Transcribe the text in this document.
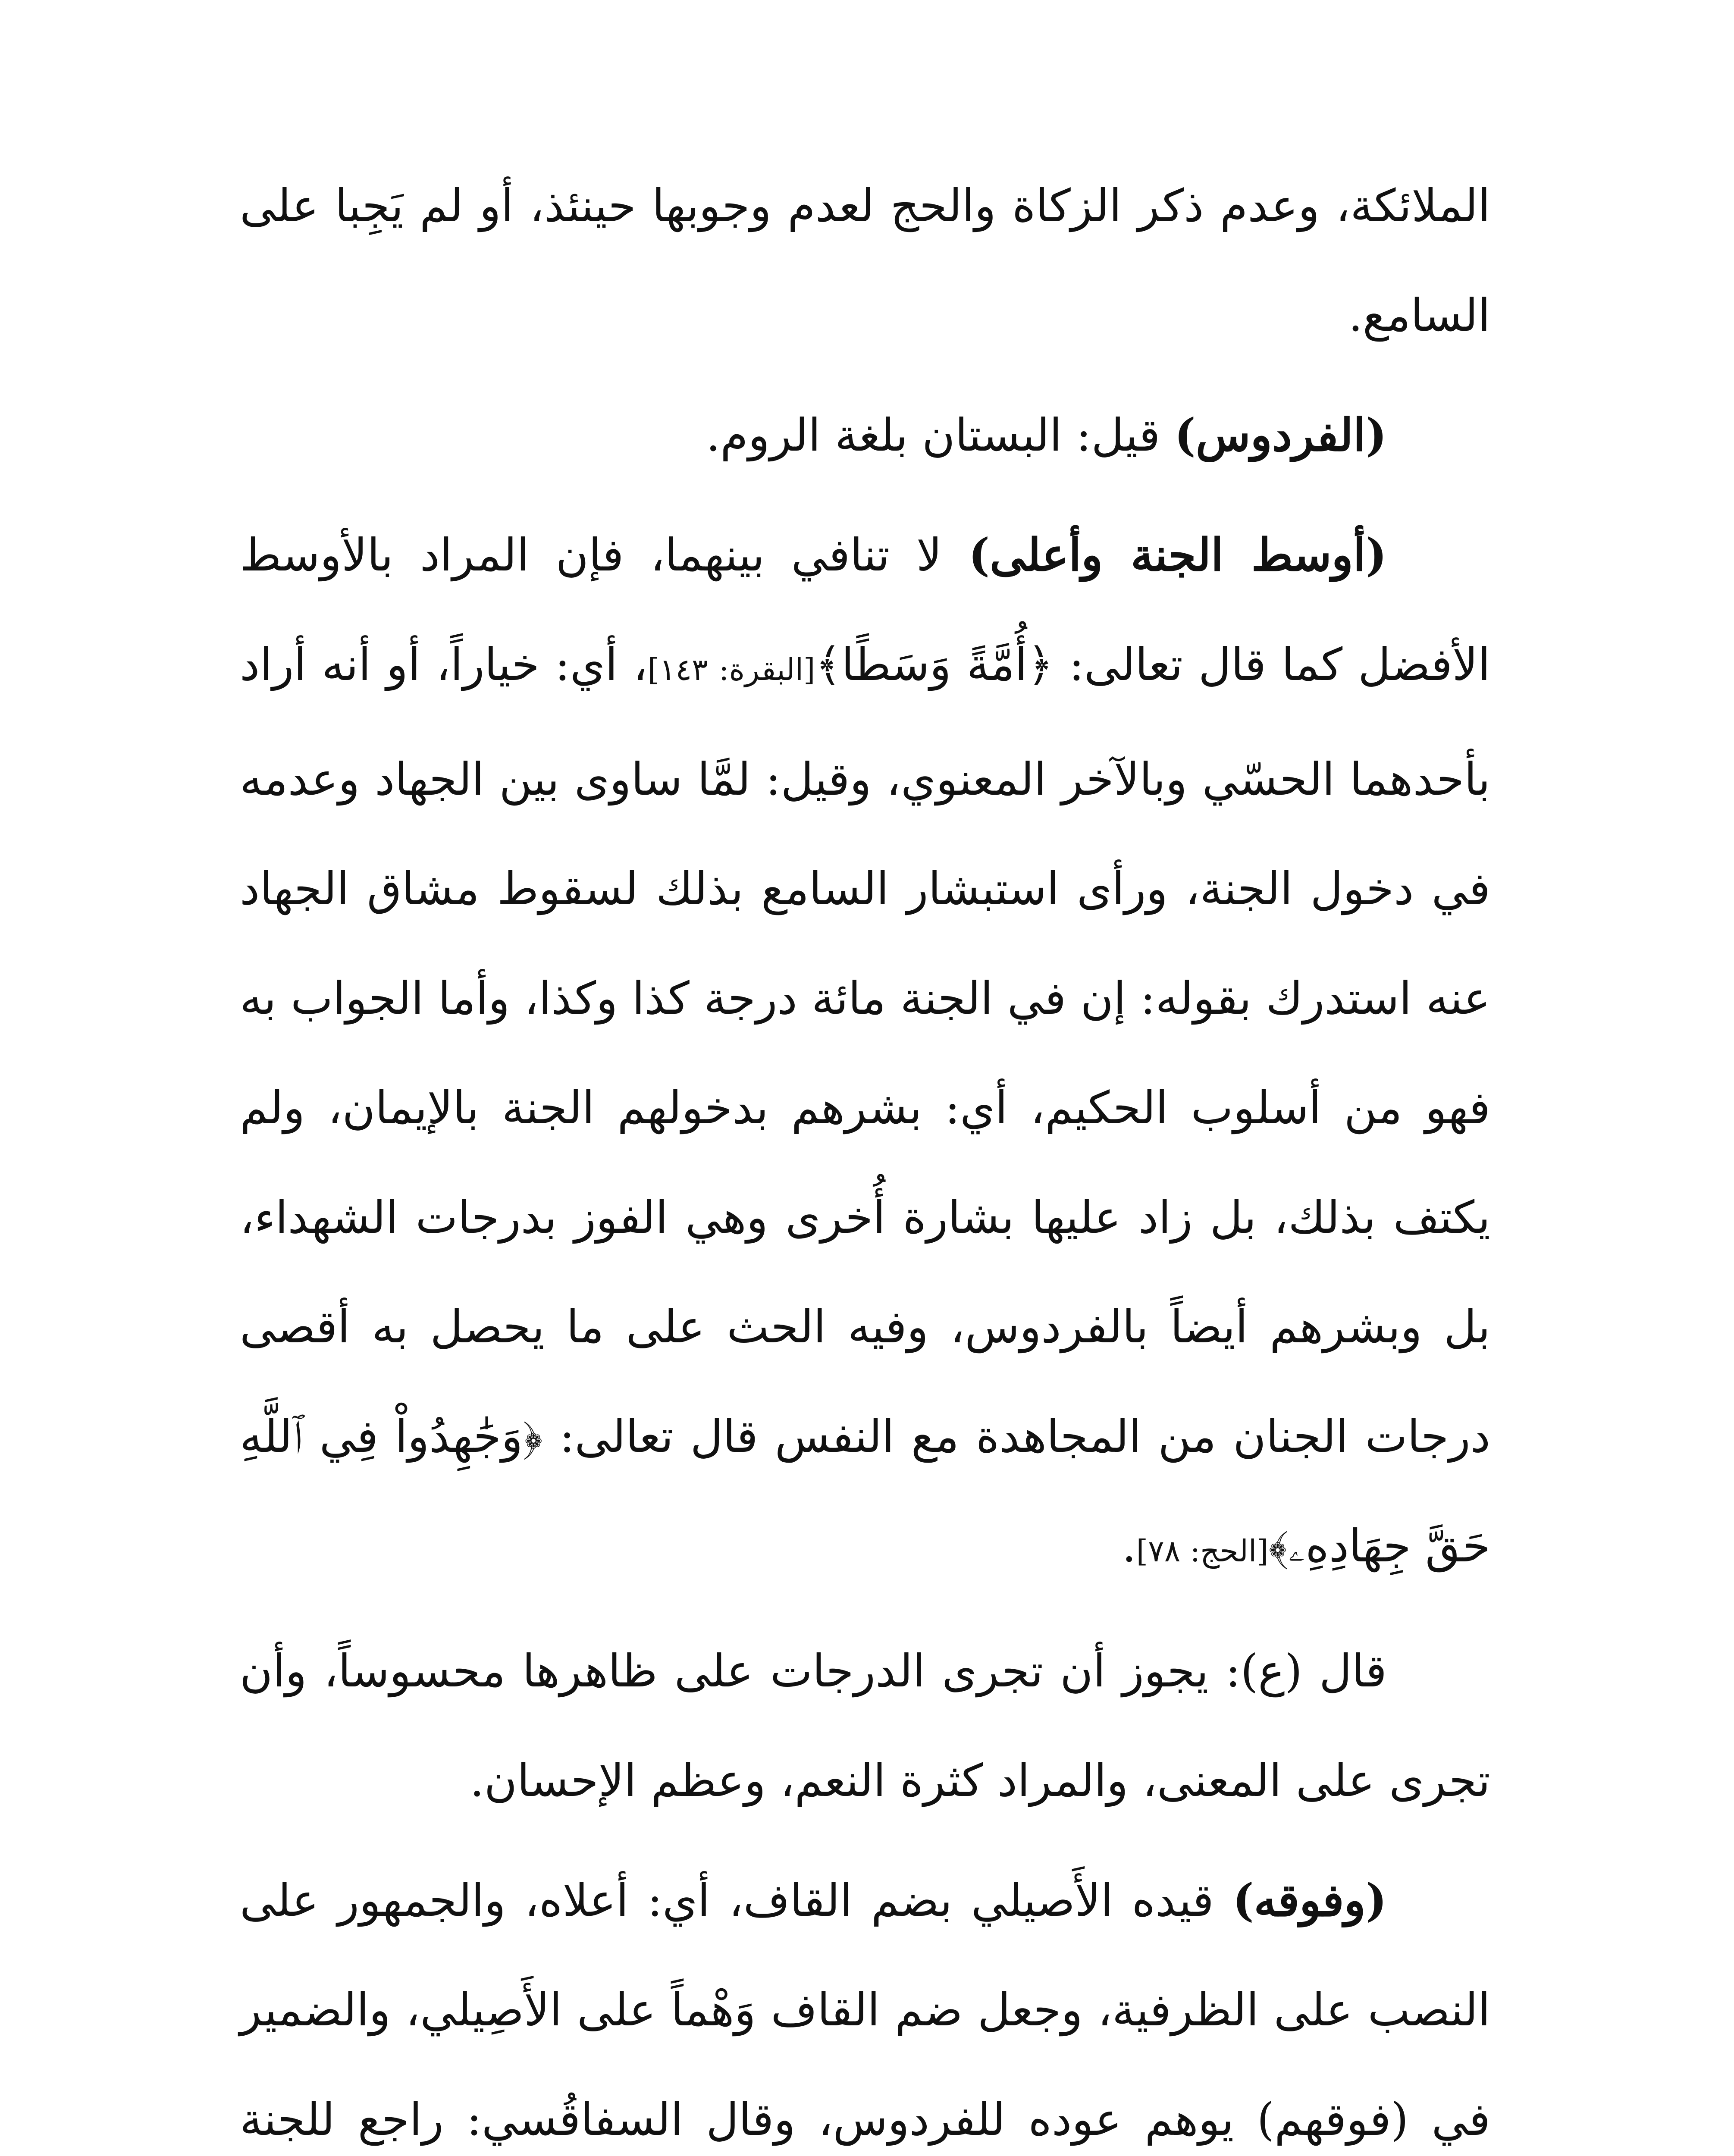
الملائكة، وعدم ذكر الزكاة والحج لعدم وجوبها حينئذ، أو لم يَجِبا على السامع.

(الفردوس) قيل: البستان بلغة الروم.

(أوسط الجنة وأعلى) لا تنافي بينهما، فإن المراد بالأوسط الأفضل كما قال تعالى: ﴿أُمَّةً وَسَطًا﴾[البقرة: ١٤٣]، أي: خياراً، أو أنه أراد بأحدهما الحسّي وبالآخر المعنوي، وقيل: لمَّا ساوى بين الجهاد وعدمه في دخول الجنة، ورأى استبشار السامع بذلك لسقوط مشاق الجهاد عنه استدرك بقوله: إن في الجنة مائة درجة كذا وكذا، وأما الجواب به فهو من أسلوب الحكيم، أي: بشرهم بدخولهم الجنة بالإيمان، ولم يكتف بذلك، بل زاد عليها بشارة أُخرى وهي الفوز بدرجات الشهداء، بل وبشرهم أيضاً بالفردوس، وفيه الحث على ما يحصل به أقصى درجات الجنان من المجاهدة مع النفس قال تعالى: ﴿وَجَٰهِدُواْ فِي ٱللَّهِ حَقَّ جِهَادِهِۦ﴾[الحج: ٧٨].

قال (ع): يجوز أن تجرى الدرجات على ظاهرها محسوساً، وأن تجرى على المعنى، والمراد كثرة النعم، وعظم الإحسان.

(وفوقه) قيده الأَصيلي بضم القاف، أي: أعلاه، والجمهور على النصب على الظرفية، وجعل ضم القاف وَهْماً على الأَصِيلي، والضمير في (فوقهم) يوهم عوده للفردوس، وقال السفاقُسي: راجع للجنة
